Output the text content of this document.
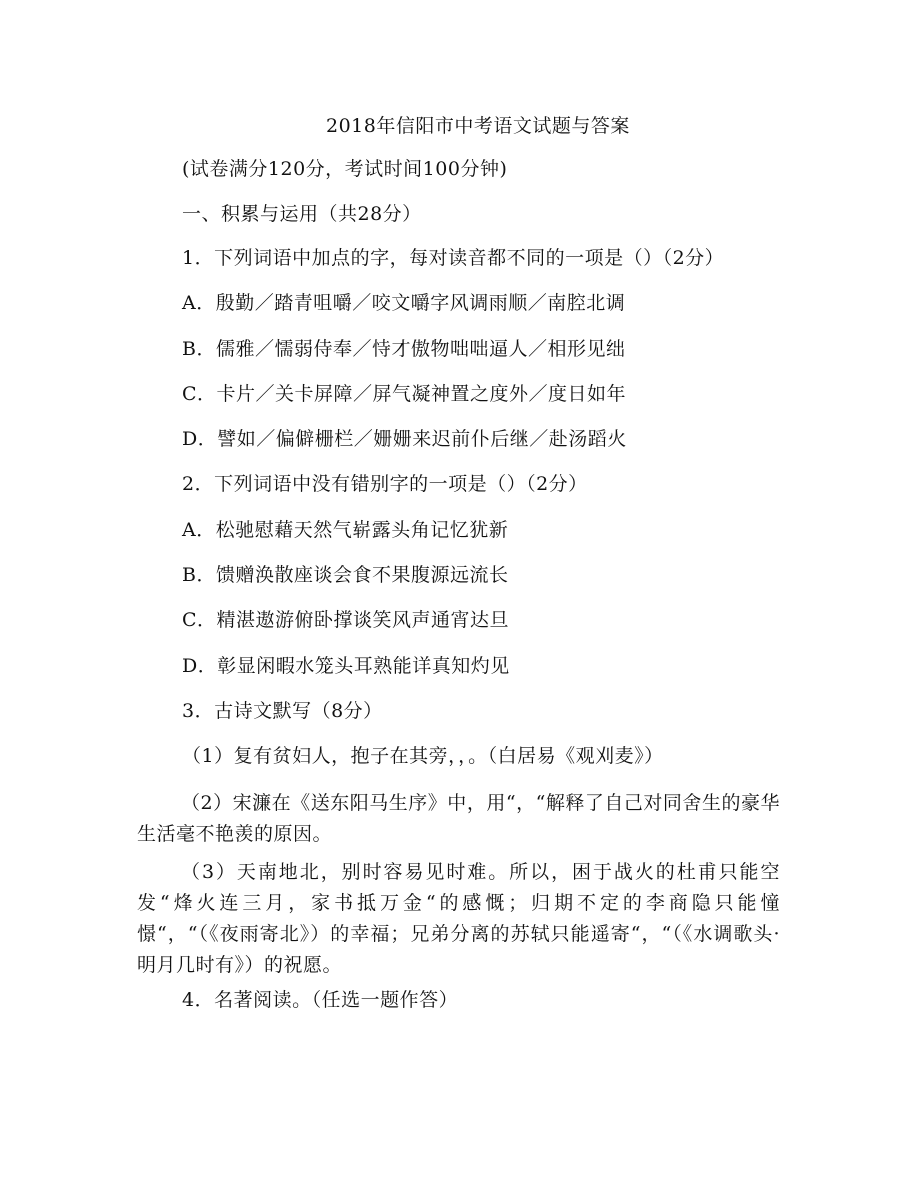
2018年信阳市中考语文试题与答案
(试卷满分120分，考试时间100分钟)
一、积累与运用（共28分）
1．下列词语中加点的字，每对读音都不同的一项是（）（2分）
A．殷勤／踏青咀嚼／咬文嚼字风调雨顺／南腔北调
B．儒雅／懦弱侍奉／恃才傲物咄咄逼人／相形见绌
C．卡片／关卡屏障／屏气凝神置之度外／度日如年
D．譬如／偏僻栅栏／姗姗来迟前仆后继／赴汤蹈火
2．下列词语中没有错别字的一项是（）（2分）
A．松驰慰藉天然气崭露头角记忆犹新
B．馈赠涣散座谈会食不果腹源远流长
C．精湛遨游俯卧撑谈笑风声通宵达旦
D．彰显闲暇水笼头耳熟能详真知灼见
3．古诗文默写（8分）
（1）复有贫妇人，抱子在其旁，，。（白居易《观刈麦》）
（2）宋濂在《送东阳马生序》中，用“，“解释了自己对同舍生的豪华生活毫不艳羡的原因。
（3）天南地北，别时容易见时难。所以，困于战火的杜甫只能空发“烽火连三月，家书抵万金“的感慨；归期不定的李商隐只能憧憬“，“（《夜雨寄北》）的幸福；兄弟分离的苏轼只能遥寄“，“（《水调歌头·明月几时有》）的祝愿。
4．名著阅读。（任选一题作答）
